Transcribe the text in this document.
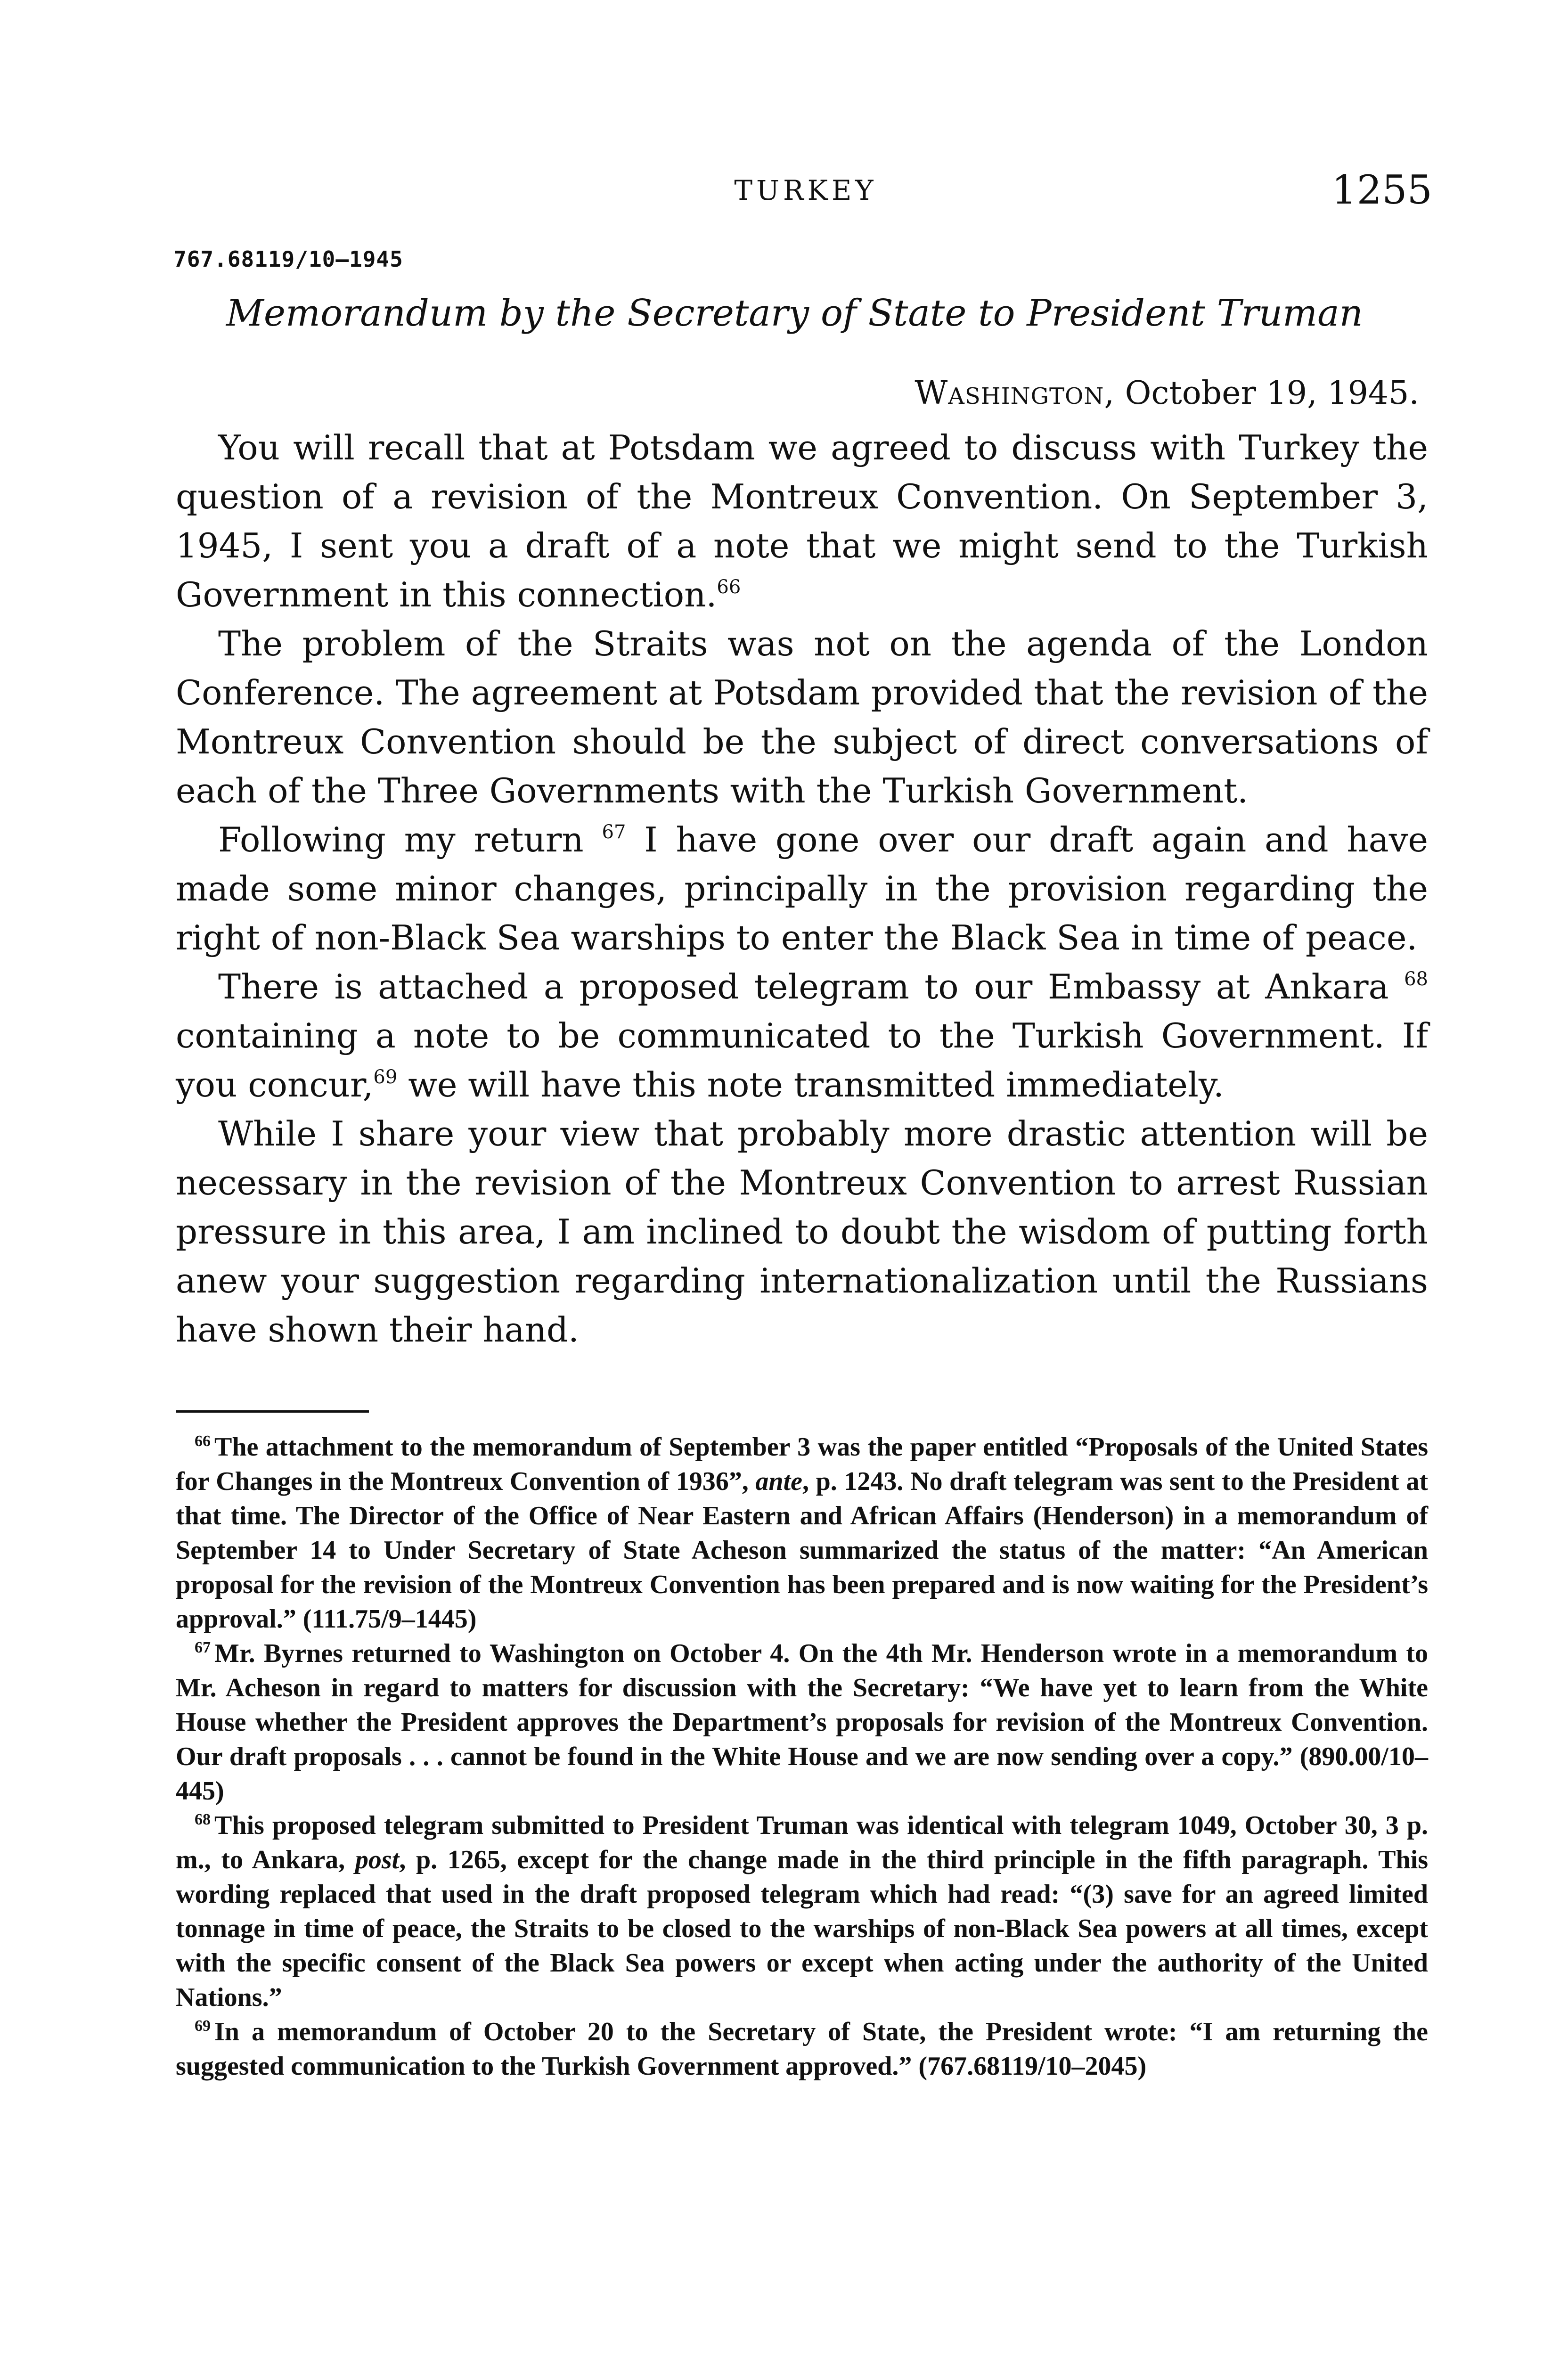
TURKEY	1255
767.68119/10–1945
Memorandum by the Secretary of State to President Truman
Washington, October 19, 1945.

You will recall that at Potsdam we agreed to discuss with Turkey the question of a revision of the Montreux Convention. On September 3, 1945, I sent you a draft of a note that we might send to the Turkish Government in this connection.$^{66}$

The problem of the Straits was not on the agenda of the London Conference. The agreement at Potsdam provided that the revision of the Montreux Convention should be the subject of direct conversations of each of the Three Governments with the Turkish Government.

Following my return $^{67}$ I have gone over our draft again and have made some minor changes, principally in the provision regarding the right of non-Black Sea warships to enter the Black Sea in time of peace.

There is attached a proposed telegram to our Embassy at Ankara $^{68}$ containing a note to be communicated to the Turkish Government. If you concur,$^{69}$ we will have this note transmitted immediately.

While I share your view that probably more drastic attention will be necessary in the revision of the Montreux Convention to arrest Russian pressure in this area, I am inclined to doubt the wisdom of putting forth anew your suggestion regarding internationalization until the Russians have shown their hand.

$^{66}$ The attachment to the memorandum of September 3 was the paper entitled “Proposals of the United States for Changes in the Montreux Convention of 1936”, ante, p. 1243. No draft telegram was sent to the President at that time. The Director of the Office of Near Eastern and African Affairs (Henderson) in a memorandum of September 14 to Under Secretary of State Acheson summarized the status of the matter: “An American proposal for the revision of the Montreux Convention has been prepared and is now waiting for the President’s approval.” (111.75/9–1445)

$^{67}$ Mr. Byrnes returned to Washington on October 4. On the 4th Mr. Henderson wrote in a memorandum to Mr. Acheson in regard to matters for discussion with the Secretary: “We have yet to learn from the White House whether the President approves the Department’s proposals for revision of the Montreux Convention. Our draft proposals . . . cannot be found in the White House and we are now sending over a copy.” (890.00/10–445)

$^{68}$ This proposed telegram submitted to President Truman was identical with telegram 1049, October 30, 3 p. m., to Ankara, post, p. 1265, except for the change made in the third principle in the fifth paragraph. This wording replaced that used in the draft proposed telegram which had read: “(3) save for an agreed limited tonnage in time of peace, the Straits to be closed to the warships of non-Black Sea powers at all times, except with the specific consent of the Black Sea powers or except when acting under the authority of the United Nations.”

$^{69}$ In a memorandum of October 20 to the Secretary of State, the President wrote: “I am returning the suggested communication to the Turkish Government approved.” (767.68119/10–2045)
